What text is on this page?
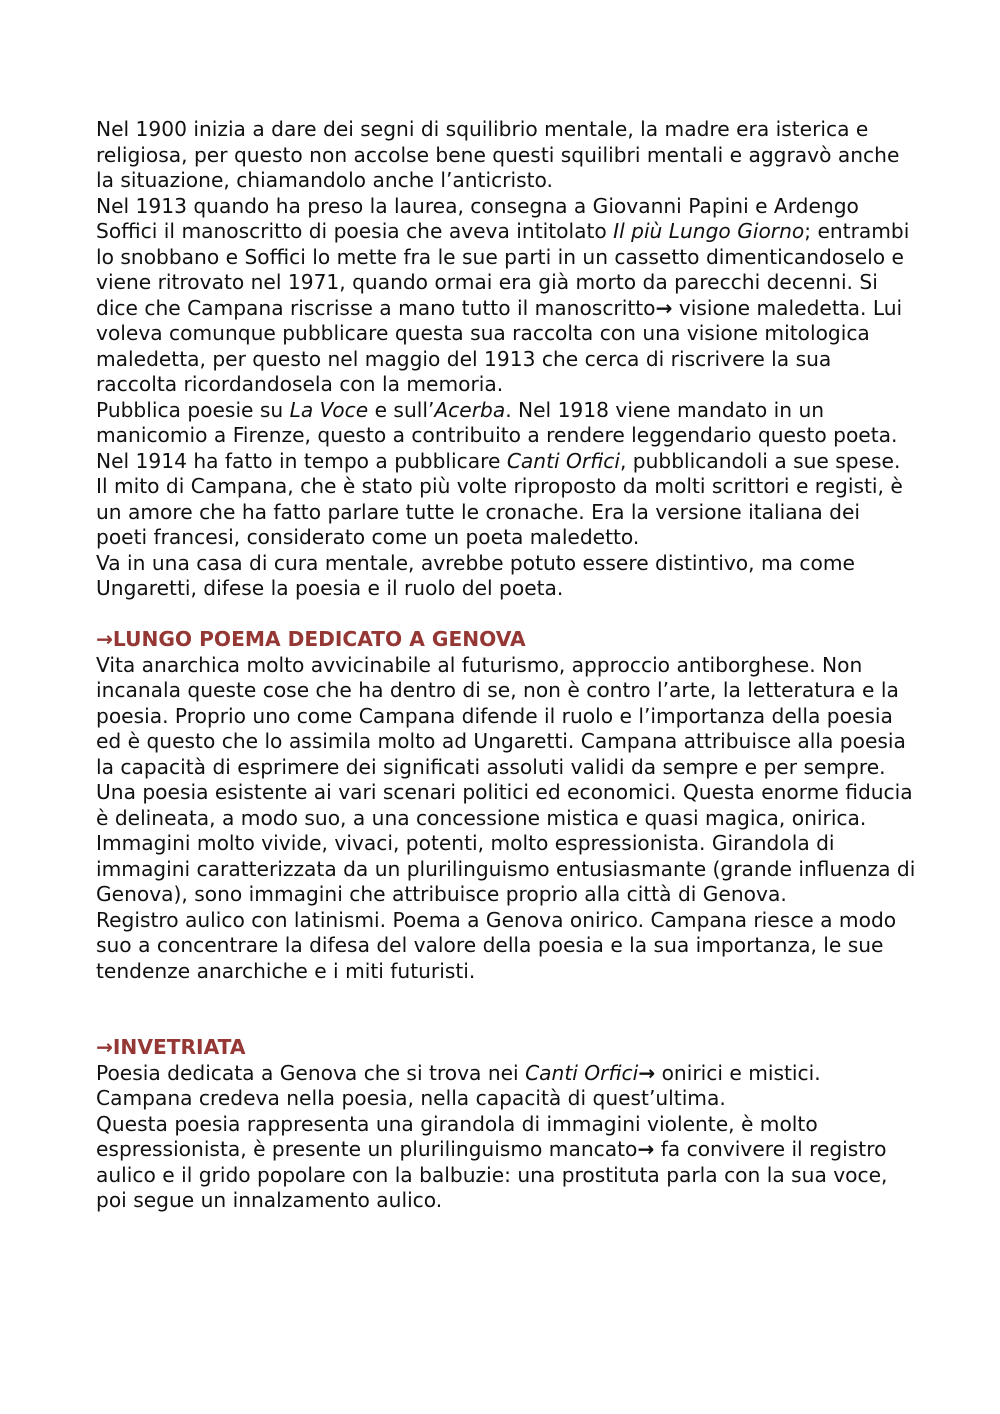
Nel 1900 inizia a dare dei segni di squilibrio mentale, la madre era isterica e religiosa, per questo non accolse bene questi squilibri mentali e aggravò anche la situazione, chiamandolo anche l’anticristo.

Nel 1913 quando ha preso la laurea, consegna a Giovanni Papini e Ardengo Soffici il manoscritto di poesia che aveva intitolato Il più Lungo Giorno; entrambi lo snobbano e Soffici lo mette fra le sue parti in un cassetto dimenticandoselo e viene ritrovato nel 1971, quando ormai era già morto da parecchi decenni. Si dice che Campana riscrisse a mano tutto il manoscritto→ visione maledetta. Lui voleva comunque pubblicare questa sua raccolta con una visione mitologica maledetta, per questo nel maggio del 1913 che cerca di riscrivere la sua raccolta ricordandosela con la memoria.

Pubblica poesie su La Voce e sull’Acerba. Nel 1918 viene mandato in un manicomio a Firenze, questo a contribuito a rendere leggendario questo poeta. Nel 1914 ha fatto in tempo a pubblicare Canti Orfici, pubblicandoli a sue spese.

Il mito di Campana, che è stato più volte riproposto da molti scrittori e registi, è un amore che ha fatto parlare tutte le cronache. Era la versione italiana dei poeti francesi, considerato come un poeta maledetto.

Va in una casa di cura mentale, avrebbe potuto essere distintivo, ma come Ungaretti, difese la poesia e il ruolo del poeta.

→LUNGO POEMA DEDICATO A GENOVA

Vita anarchica molto avvicinabile al futurismo, approccio antiborghese. Non incanala queste cose che ha dentro di se, non è contro l’arte, la letteratura e la poesia. Proprio uno come Campana difende il ruolo e l’importanza della poesia ed è questo che lo assimila molto ad Ungaretti. Campana attribuisce alla poesia la capacità di esprimere dei significati assoluti validi da sempre e per sempre. Una poesia esistente ai vari scenari politici ed economici. Questa enorme fiducia è delineata, a modo suo, a una concessione mistica e quasi magica, onirica.

Immagini molto vivide, vivaci, potenti, molto espressionista. Girandola di immagini caratterizzata da un plurilinguismo entusiasmante (grande influenza di Genova), sono immagini che attribuisce proprio alla città di Genova.

Registro aulico con latinismi. Poema a Genova onirico. Campana riesce a modo suo a concentrare la difesa del valore della poesia e la sua importanza, le sue tendenze anarchiche e i miti futuristi.

→INVETRIATA

Poesia dedicata a Genova che si trova nei Canti Orfici→ onirici e mistici.

Campana credeva nella poesia, nella capacità di quest’ultima.

Questa poesia rappresenta una girandola di immagini violente, è molto espressionista, è presente un plurilinguismo mancato→ fa convivere il registro aulico e il grido popolare con la balbuzie: una prostituta parla con la sua voce, poi segue un innalzamento aulico.
